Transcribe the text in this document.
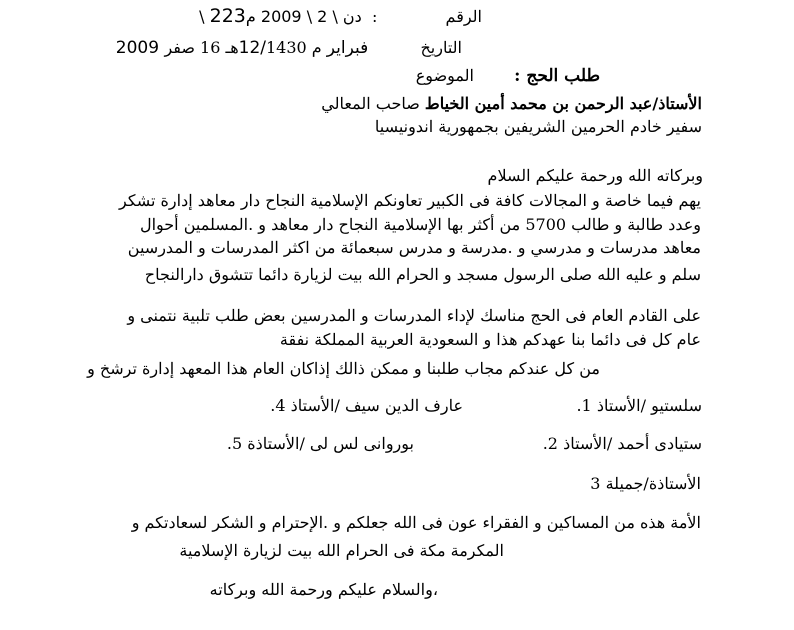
الرقم  \ دن \ 2 \ 2009 م223	:
التاريخ  2009 فبراير م 12/1430هـ 16 صفر
طلب الحج :  الموضوع
الأستاذ/عبد الرحمن بن محمد أمين الخياط صاحب المعالي
سفير خادم الحرمين الشريفين بجمهورية اندونيسيا
وبركاته الله ورحمة عليكم السلام
يهم فيما خاصة و المجالات كافة فى الكبير تعاونكم الإسلامية النجاح دار معاهد إدارة تشكر
وعدد طالبة و طالب 5700 من أكثر بها الإسلامية النجاح دار معاهد و .المسلمين أحوال
معاهد مدرسات و مدرسي و .مدرسة و مدرس سبعمائة من اكثر المدرسات و المدرسين
سلم و عليه الله صلى الرسول مسجد و الحرام الله بيت لزيارة دائما تتشوق دارالنجاح
على القادم العام فى الحج مناسك لإداء المدرسات و المدرسين بعض طلب تلبية نتمنى و
عام كل فى دائما بنا عهدكم هذا و السعودية العربية المملكة نفقة
من كل عندكم مجاب طلبنا و ممكن ذالك إذاكان العام هذا المعهد إدارة ترشخ و
سلستيو /الأستاذ 1.
عارف الدين سيف /الأستاذ 4.
ستيادى أحمد /الأستاذ 2.
بوروانى لس لى /الأستاذة 5.
الأستاذة/جميلة 3
الأمة هذه من المساكين و الفقراء عون فى الله جعلكم و .الإحترام و الشكر لسعادتكم و
المكرمة مكة فى الحرام الله بيت لزيارة الإسلامية
،والسلام عليكم ورحمة الله وبركاته
